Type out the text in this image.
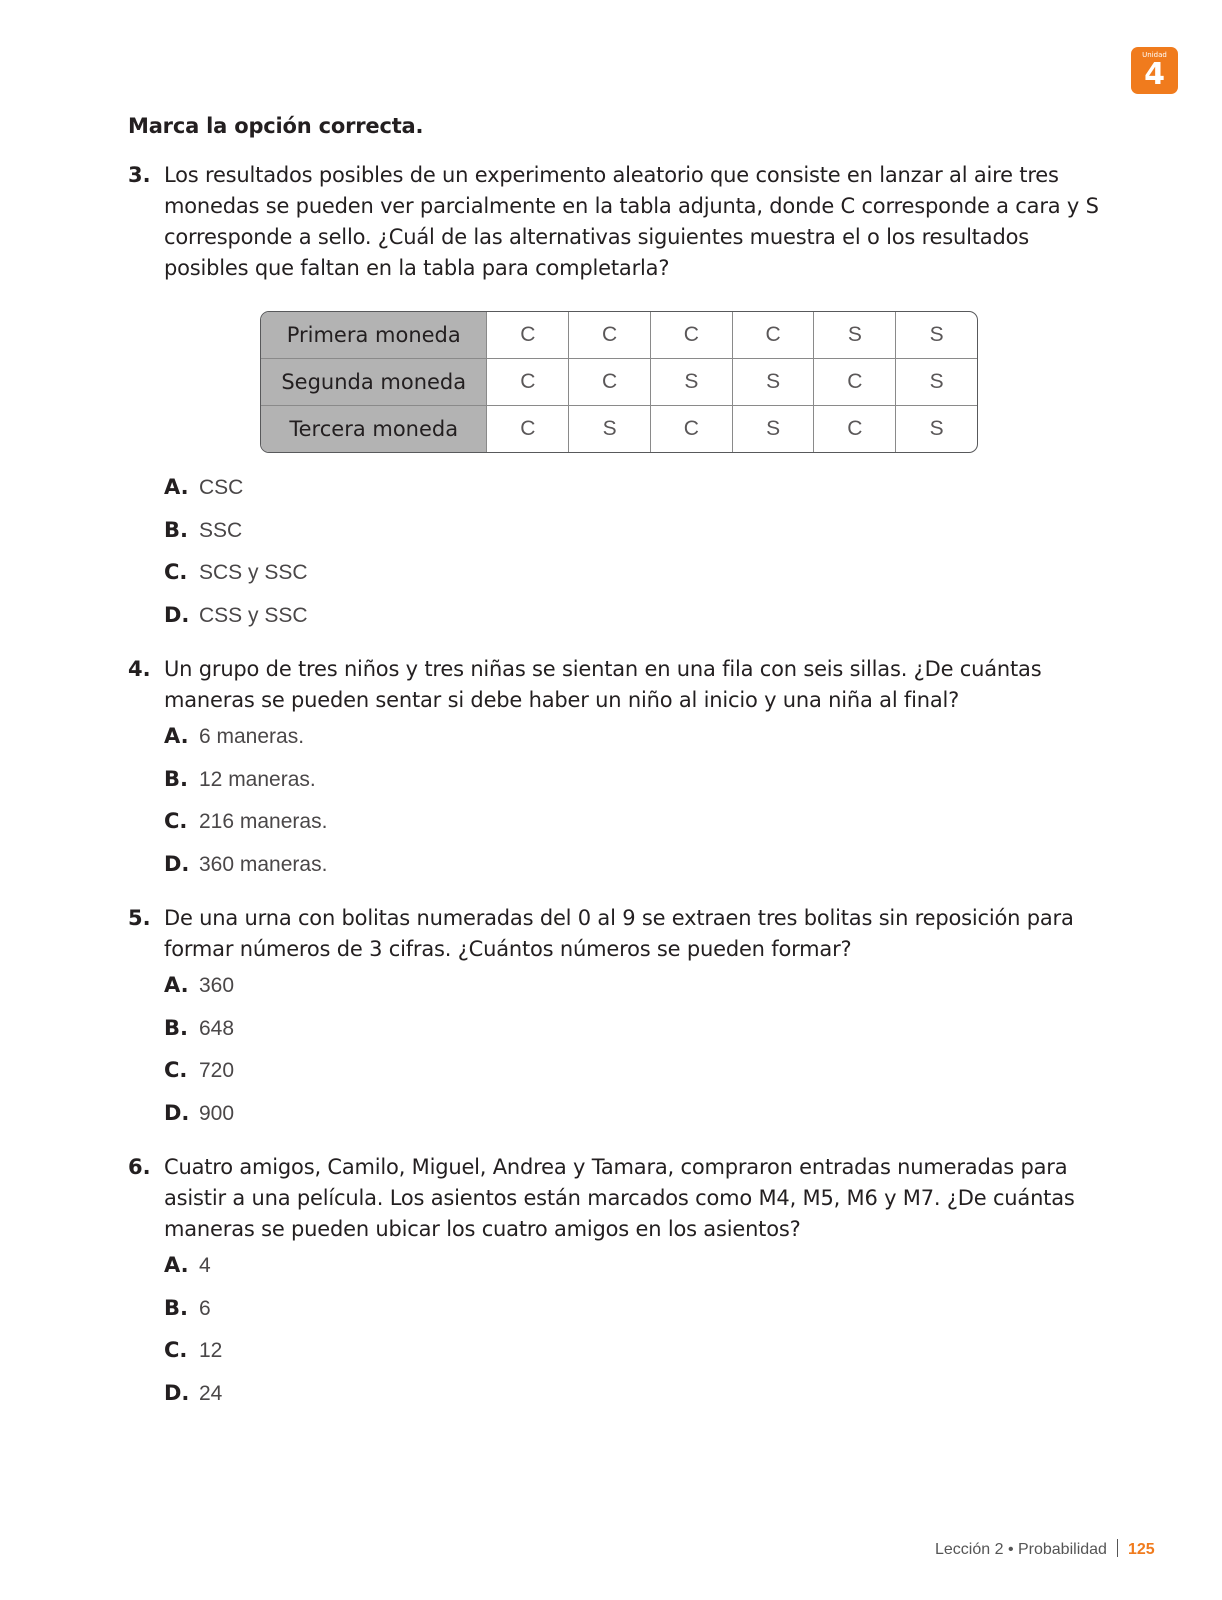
Unidad
4
Marca la opción correcta.
3. Los resultados posibles de un experimento aleatorio que consiste en lanzar al aire tres monedas se pueden ver parcialmente en la tabla adjunta, donde C corresponde a cara y S corresponde a sello. ¿Cuál de las alternativas siguientes muestra el o los resultados posibles que faltan en la tabla para completarla?
Primera moneda	C	C	C	C	S	S
Segunda moneda	C	C	S	S	C	S
Tercera moneda	C	S	C	S	C	S
A. CSC
B. SSC
C. SCS y SSC
D. CSS y SSC
4. Un grupo de tres niños y tres niñas se sientan en una fila con seis sillas. ¿De cuántas maneras se pueden sentar si debe haber un niño al inicio y una niña al final?
A. 6 maneras.
B. 12 maneras.
C. 216 maneras.
D. 360 maneras.
5. De una urna con bolitas numeradas del 0 al 9 se extraen tres bolitas sin reposición para formar números de 3 cifras. ¿Cuántos números se pueden formar?
A. 360
B. 648
C. 720
D. 900
6. Cuatro amigos, Camilo, Miguel, Andrea y Tamara, compraron entradas numeradas para asistir a una película. Los asientos están marcados como M4, M5, M6 y M7. ¿De cuántas maneras se pueden ubicar los cuatro amigos en los asientos?
A. 4
B. 6
C. 12
D. 24
Lección 2 • Probabilidad 125
